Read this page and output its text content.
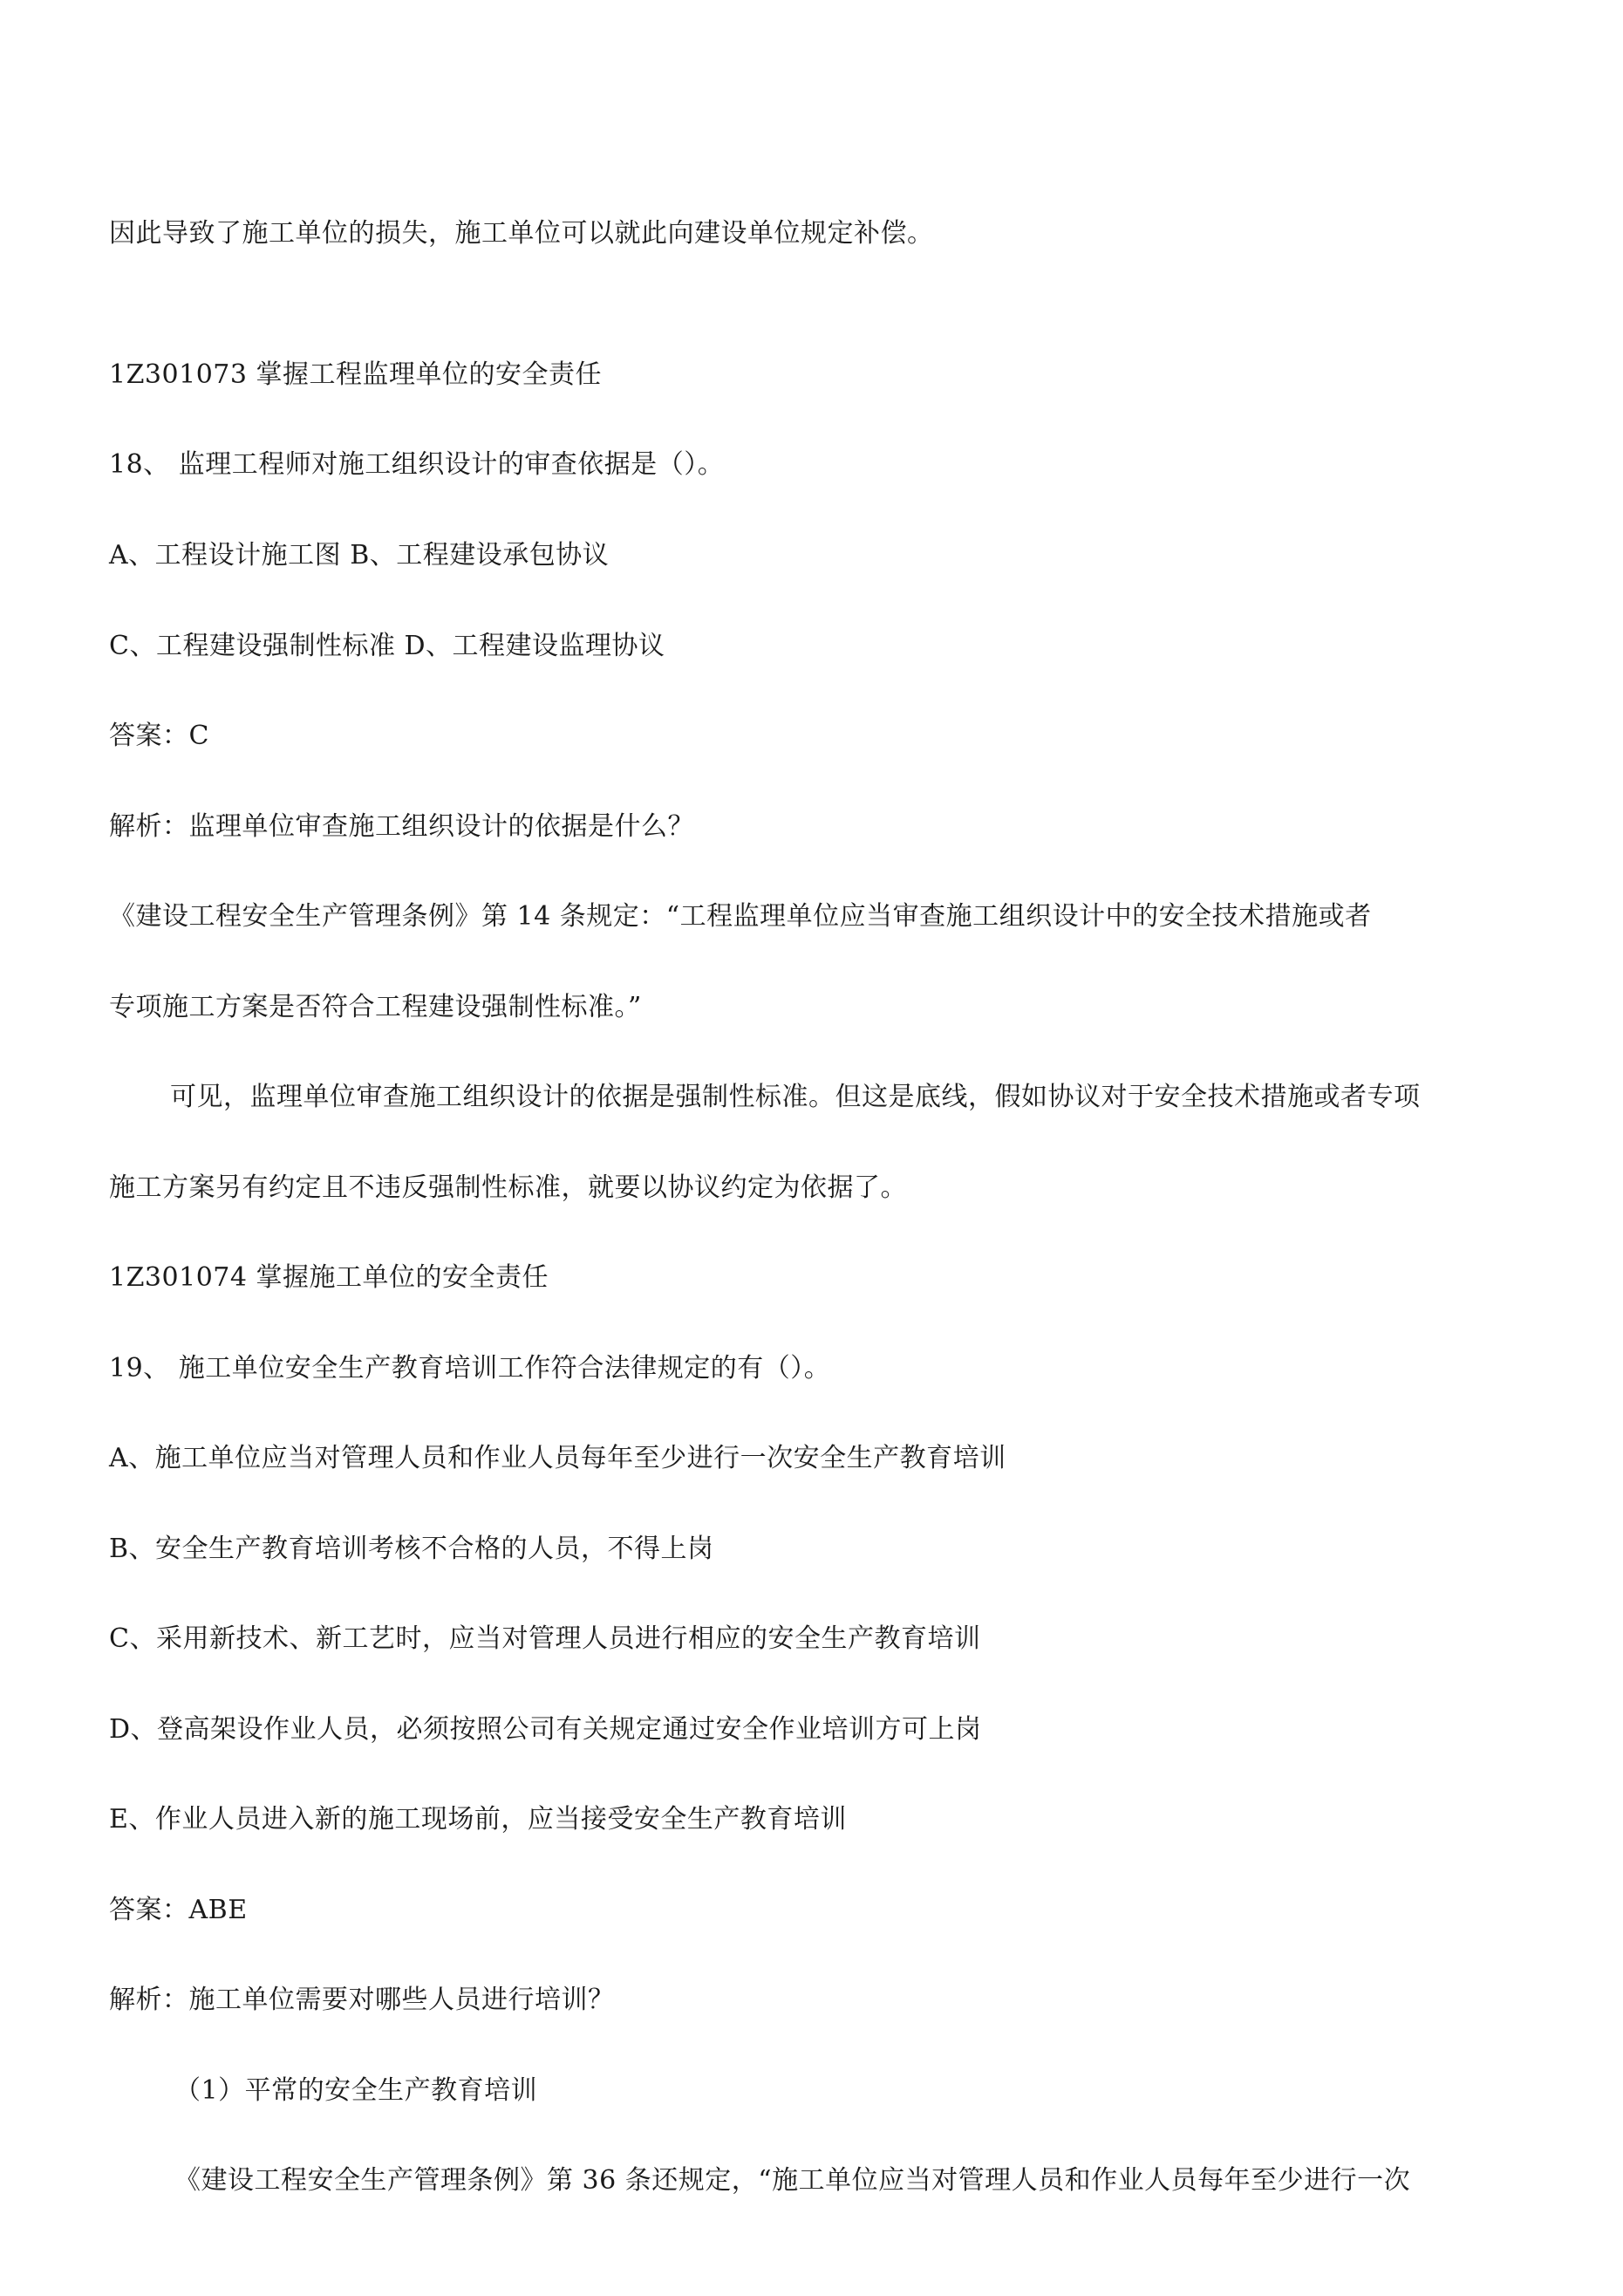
因此导致了施工单位的损失，施工单位可以就此向建设单位规定补偿。
1Z301073 掌握工程监理单位的安全责任
18、 监理工程师对施工组织设计的审查依据是（）。
A、工程设计施工图 B、工程建设承包协议
C、工程建设强制性标准 D、工程建设监理协议
答案：C
解析：监理单位审查施工组织设计的依据是什么？
《建设工程安全生产管理条例》第 14 条规定：“工程监理单位应当审查施工组织设计中的安全技术措施或者
专项施工方案是否符合工程建设强制性标准。”
可见，监理单位审查施工组织设计的依据是强制性标准。但这是底线，假如协议对于安全技术措施或者专项
施工方案另有约定且不违反强制性标准，就要以协议约定为依据了。
1Z301074 掌握施工单位的安全责任
19、 施工单位安全生产教育培训工作符合法律规定的有（）。
A、施工单位应当对管理人员和作业人员每年至少进行一次安全生产教育培训
B、安全生产教育培训考核不合格的人员，不得上岗
C、采用新技术、新工艺时，应当对管理人员进行相应的安全生产教育培训
D、登高架设作业人员，必须按照公司有关规定通过安全作业培训方可上岗
E、作业人员进入新的施工现场前，应当接受安全生产教育培训
答案：ABE
解析：施工单位需要对哪些人员进行培训？
（1）平常的安全生产教育培训
《建设工程安全生产管理条例》第 36 条还规定，“施工单位应当对管理人员和作业人员每年至少进行一次
